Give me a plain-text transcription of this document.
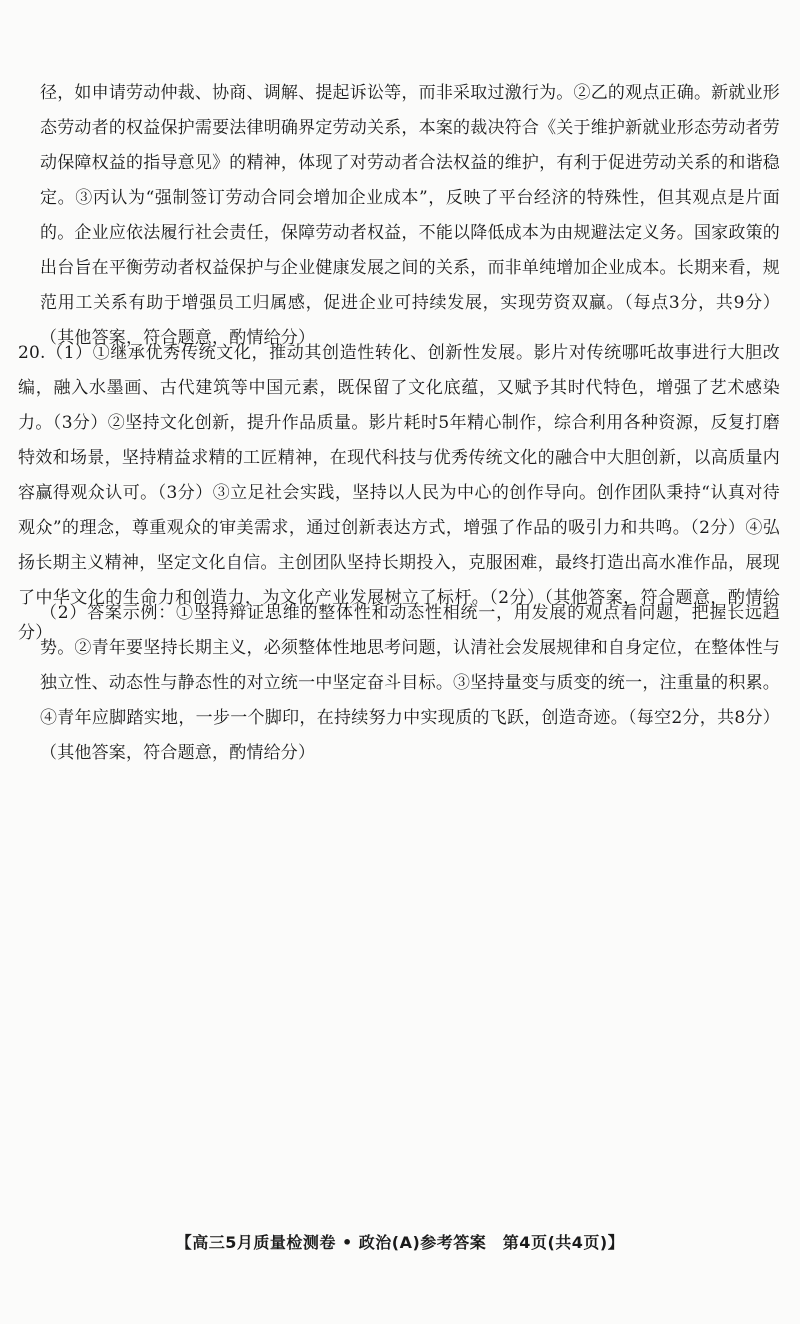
径，如申请劳动仲裁、协商、调解、提起诉讼等，而非采取过激行为。②乙的观点正确。新就业形态劳动者的权益保护需要法律明确界定劳动关系，本案的裁决符合《关于维护新就业形态劳动者劳动保障权益的指导意见》的精神，体现了对劳动者合法权益的维护，有利于促进劳动关系的和谐稳定。③丙认为“强制签订劳动合同会增加企业成本”，反映了平台经济的特殊性，但其观点是片面的。企业应依法履行社会责任，保障劳动者权益，不能以降低成本为由规避法定义务。国家政策的出台旨在平衡劳动者权益保护与企业健康发展之间的关系，而非单纯增加企业成本。长期来看，规范用工关系有助于增强员工归属感，促进企业可持续发展，实现劳资双赢。（每点3分，共9分）（其他答案，符合题意，酌情给分）

20.（1）①继承优秀传统文化，推动其创造性转化、创新性发展。影片对传统哪吒故事进行大胆改编，融入水墨画、古代建筑等中国元素，既保留了文化底蕴，又赋予其时代特色，增强了艺术感染力。（3分）②坚持文化创新，提升作品质量。影片耗时5年精心制作，综合利用各种资源，反复打磨特效和场景，坚持精益求精的工匠精神，在现代科技与优秀传统文化的融合中大胆创新，以高质量内容赢得观众认可。（3分）③立足社会实践，坚持以人民为中心的创作导向。创作团队秉持“认真对待观众”的理念，尊重观众的审美需求，通过创新表达方式，增强了作品的吸引力和共鸣。（2分）④弘扬长期主义精神，坚定文化自信。主创团队坚持长期投入，克服困难，最终打造出高水准作品，展现了中华文化的生命力和创造力，为文化产业发展树立了标杆。（2分）（其他答案，符合题意，酌情给分）

（2）答案示例：①坚持辩证思维的整体性和动态性相统一，用发展的观点看问题，把握长远趋势。②青年要坚持长期主义，必须整体性地思考问题，认清社会发展规律和自身定位，在整体性与独立性、动态性与静态性的对立统一中坚定奋斗目标。③坚持量变与质变的统一，注重量的积累。④青年应脚踏实地，一步一个脚印，在持续努力中实现质的飞跃，创造奇迹。（每空2分，共8分）（其他答案，符合题意，酌情给分）

【高三5月质量检测卷 • 政治(A)参考答案　第4页(共4页)】
